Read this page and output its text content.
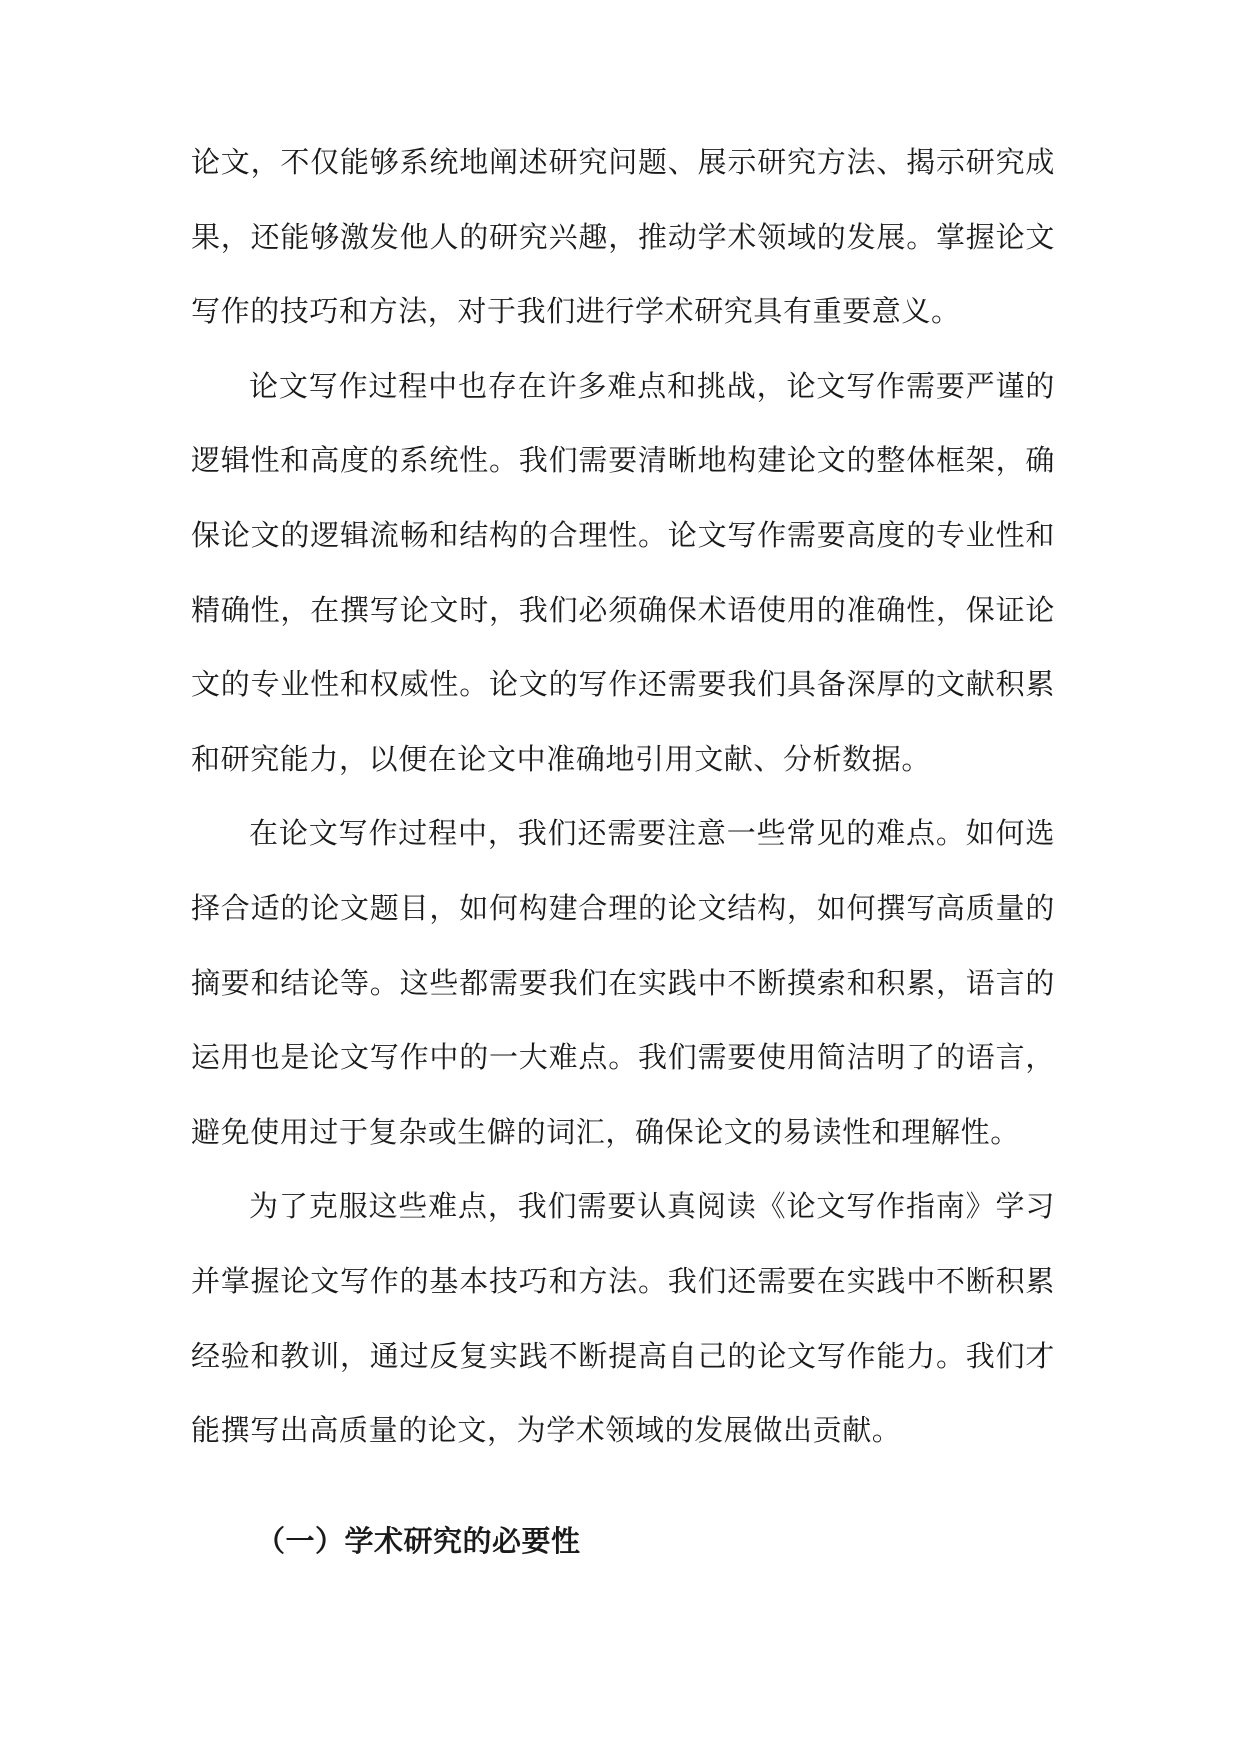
论文，不仅能够系统地阐述研究问题、展示研究方法、揭示研究成果，还能够激发他人的研究兴趣，推动学术领域的发展。掌握论文写作的技巧和方法，对于我们进行学术研究具有重要意义。

论文写作过程中也存在许多难点和挑战，论文写作需要严谨的逻辑性和高度的系统性。我们需要清晰地构建论文的整体框架，确保论文的逻辑流畅和结构的合理性。论文写作需要高度的专业性和精确性，在撰写论文时，我们必须确保术语使用的准确性，保证论文的专业性和权威性。论文的写作还需要我们具备深厚的文献积累和研究能力，以便在论文中准确地引用文献、分析数据。

在论文写作过程中，我们还需要注意一些常见的难点。如何选择合适的论文题目，如何构建合理的论文结构，如何撰写高质量的摘要和结论等。这些都需要我们在实践中不断摸索和积累，语言的运用也是论文写作中的一大难点。我们需要使用简洁明了的语言，避免使用过于复杂或生僻的词汇，确保论文的易读性和理解性。

为了克服这些难点，我们需要认真阅读《论文写作指南》学习并掌握论文写作的基本技巧和方法。我们还需要在实践中不断积累经验和教训，通过反复实践不断提高自己的论文写作能力。我们才能撰写出高质量的论文，为学术领域的发展做出贡献。

（一）学术研究的必要性
